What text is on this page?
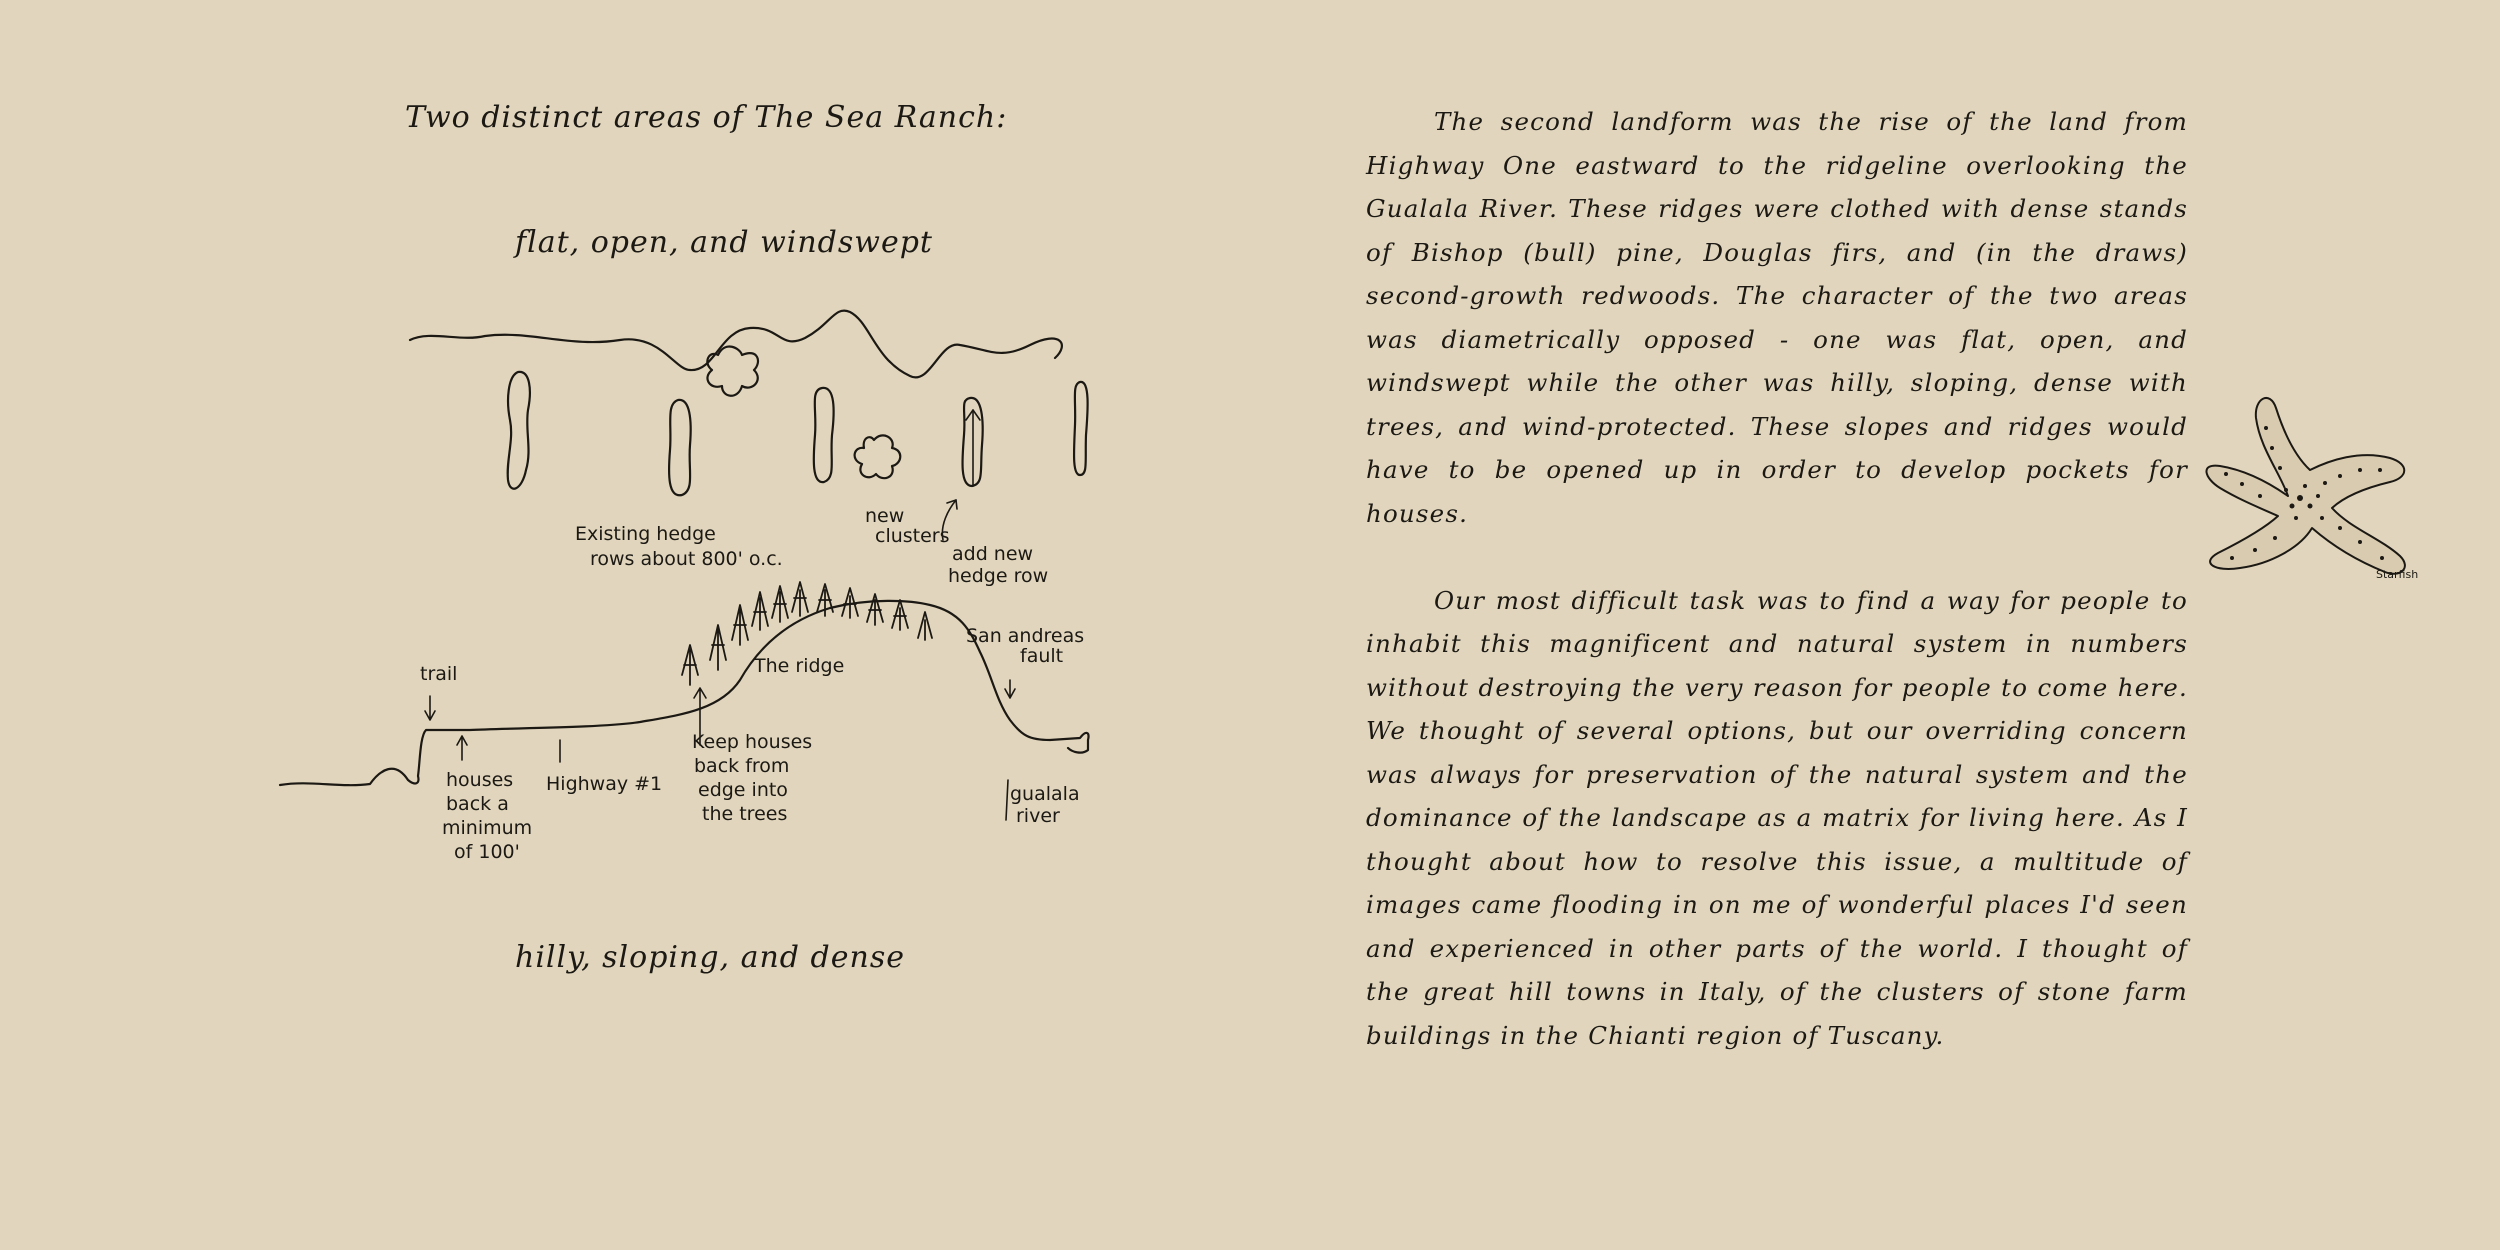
Two distinct areas of The Sea Ranch:
flat, open, and windswept
Existing hedge
rows about 800' o.c.
new
clusters
add new
hedge row
The ridge
San andreas
fault
trail
houses
back a
minimum
of 100'
Highway #1
Keep houses
back from
edge into
the trees
gualala
river
hilly, sloping, and dense

The second landform was the rise of the land from Highway One eastward to the ridgeline overlooking the Gualala River. These ridges were clothed with dense stands of Bishop (bull) pine, Douglas firs, and (in the draws) second-growth redwoods. The character of the two areas was diametrically opposed - one was flat, open, and windswept while the other was hilly, sloping, dense with trees, and wind-protected. These slopes and ridges would have to be opened up in order to develop pockets for houses.

Our most difficult task was to find a way for people to inhabit this magnificent and natural system in numbers without destroying the very reason for people to come here. We thought of several options, but our overriding concern was always for preservation of the natural system and the dominance of the landscape as a matrix for living here. As I thought about how to resolve this issue, a multitude of images came flooding in on me of wonderful places I'd seen and experienced in other parts of the world. I thought of the great hill towns in Italy, of the clusters of stone farm buildings in the Chianti region of Tuscany.

Starfish
